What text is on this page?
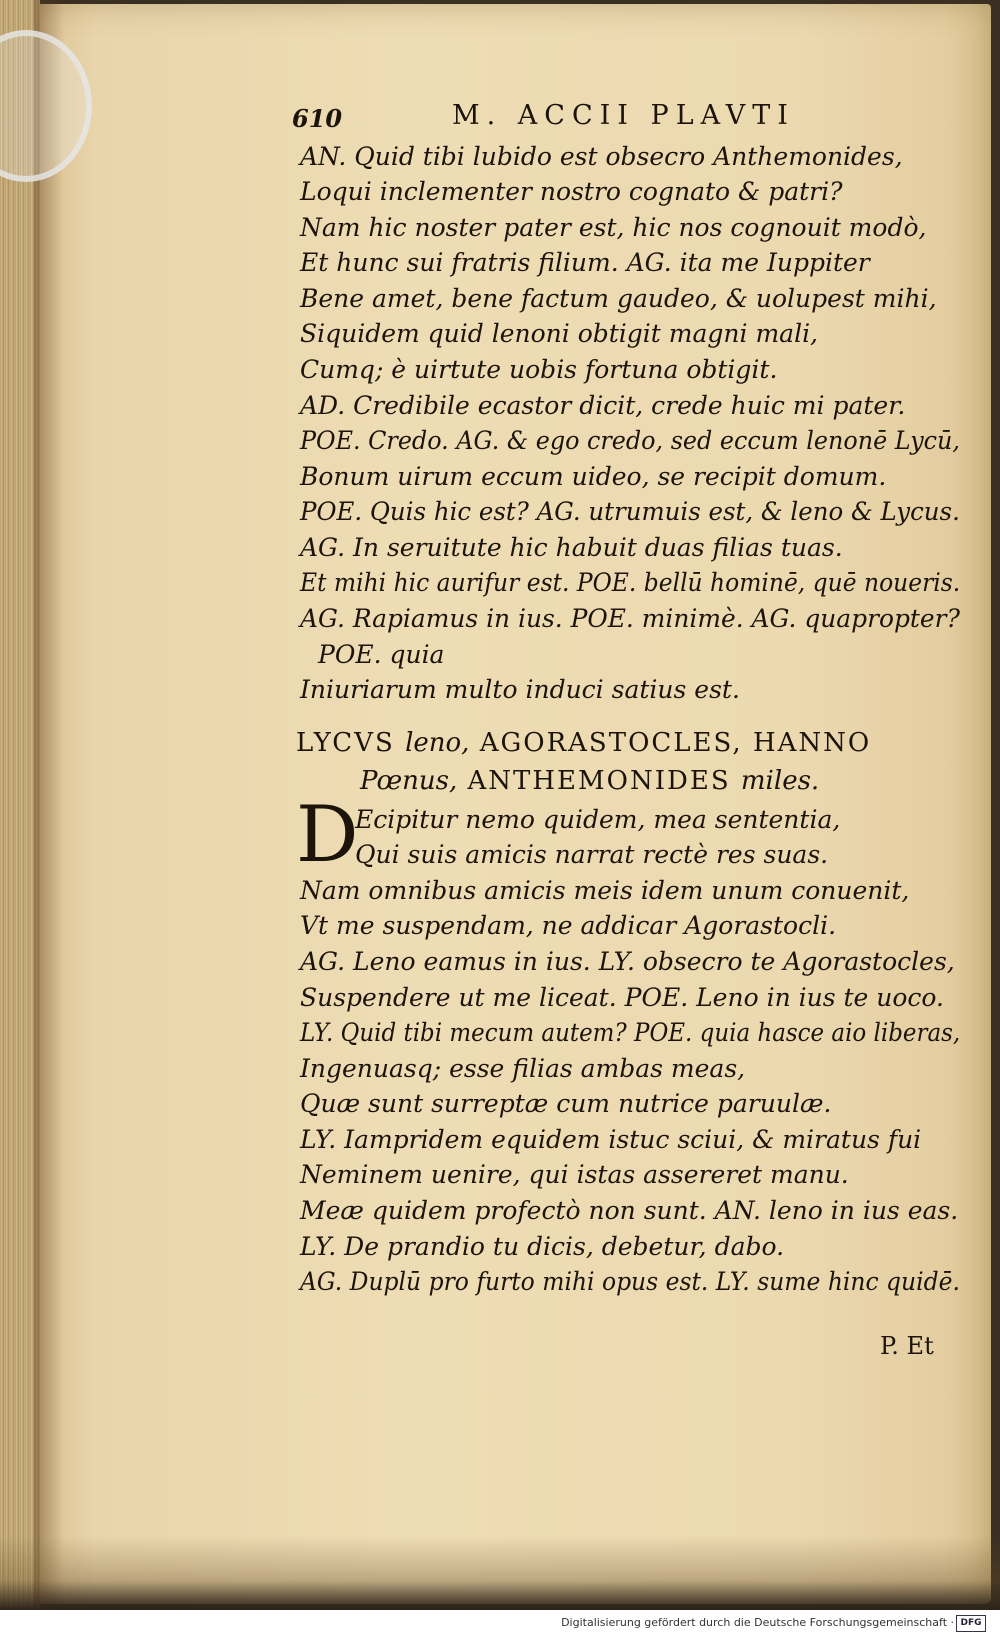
610	M. ACCII PLAVTI
AN. Quid tibi lubido est obsecro Anthemonides,
Loqui inclementer nostro cognato & patri?
Nam hic noster pater est, hic nos cognouit modò,
Et hunc sui fratris filium. AG. ita me Iuppiter
Bene amet, bene factum gaudeo, & uolupest mihi,
Siquidem quid lenoni obtigit magni mali,
Cumq; è uirtute uobis fortuna obtigit.
AD. Credibile ecastor dicit, crede huic mi pater.
POE. Credo. AG. & ego credo, sed eccum lenonē Lycū,
Bonum uirum eccum uideo, se recipit domum.
POE. Quis hic est? AG. utrumuis est, & leno & Lycus.
AG. In seruitute hic habuit duas filias tuas.
Et mihi hic aurifur est. POE. bellū hominē, quē noueris.
AG. Rapiamus in ius. POE. minimè. AG. quapropter?
POE. quia
Iniuriarum multo induci satius est.
LYCVS leno, AGORASTOCLES, HANNO
Pœnus, ANTHEMONIDES miles.
D
Ecipitur nemo quidem, mea sententia,
Qui suis amicis narrat rectè res suas.
Nam omnibus amicis meis idem unum conuenit,
Vt me suspendam, ne addicar Agorastocli.
AG. Leno eamus in ius. LY. obsecro te Agorastocles,
Suspendere ut me liceat. POE. Leno in ius te uoco.
LY. Quid tibi mecum autem? POE. quia hasce aio liberas,
Ingenuasq; esse filias ambas meas,
Quæ sunt surreptæ cum nutrice paruulæ.
LY. Iampridem equidem istuc sciui, & miratus fui
Neminem uenire, qui istas assereret manu.
Meæ quidem profectò non sunt. AN. leno in ius eas.
LY. De prandio tu dicis, debetur, dabo.
AG. Duplū pro furto mihi opus est. LY. sume hinc quidē.
P. Et
Digitalisierung gefördert durch die Deutsche Forschungsgemeinschaft · DFG
